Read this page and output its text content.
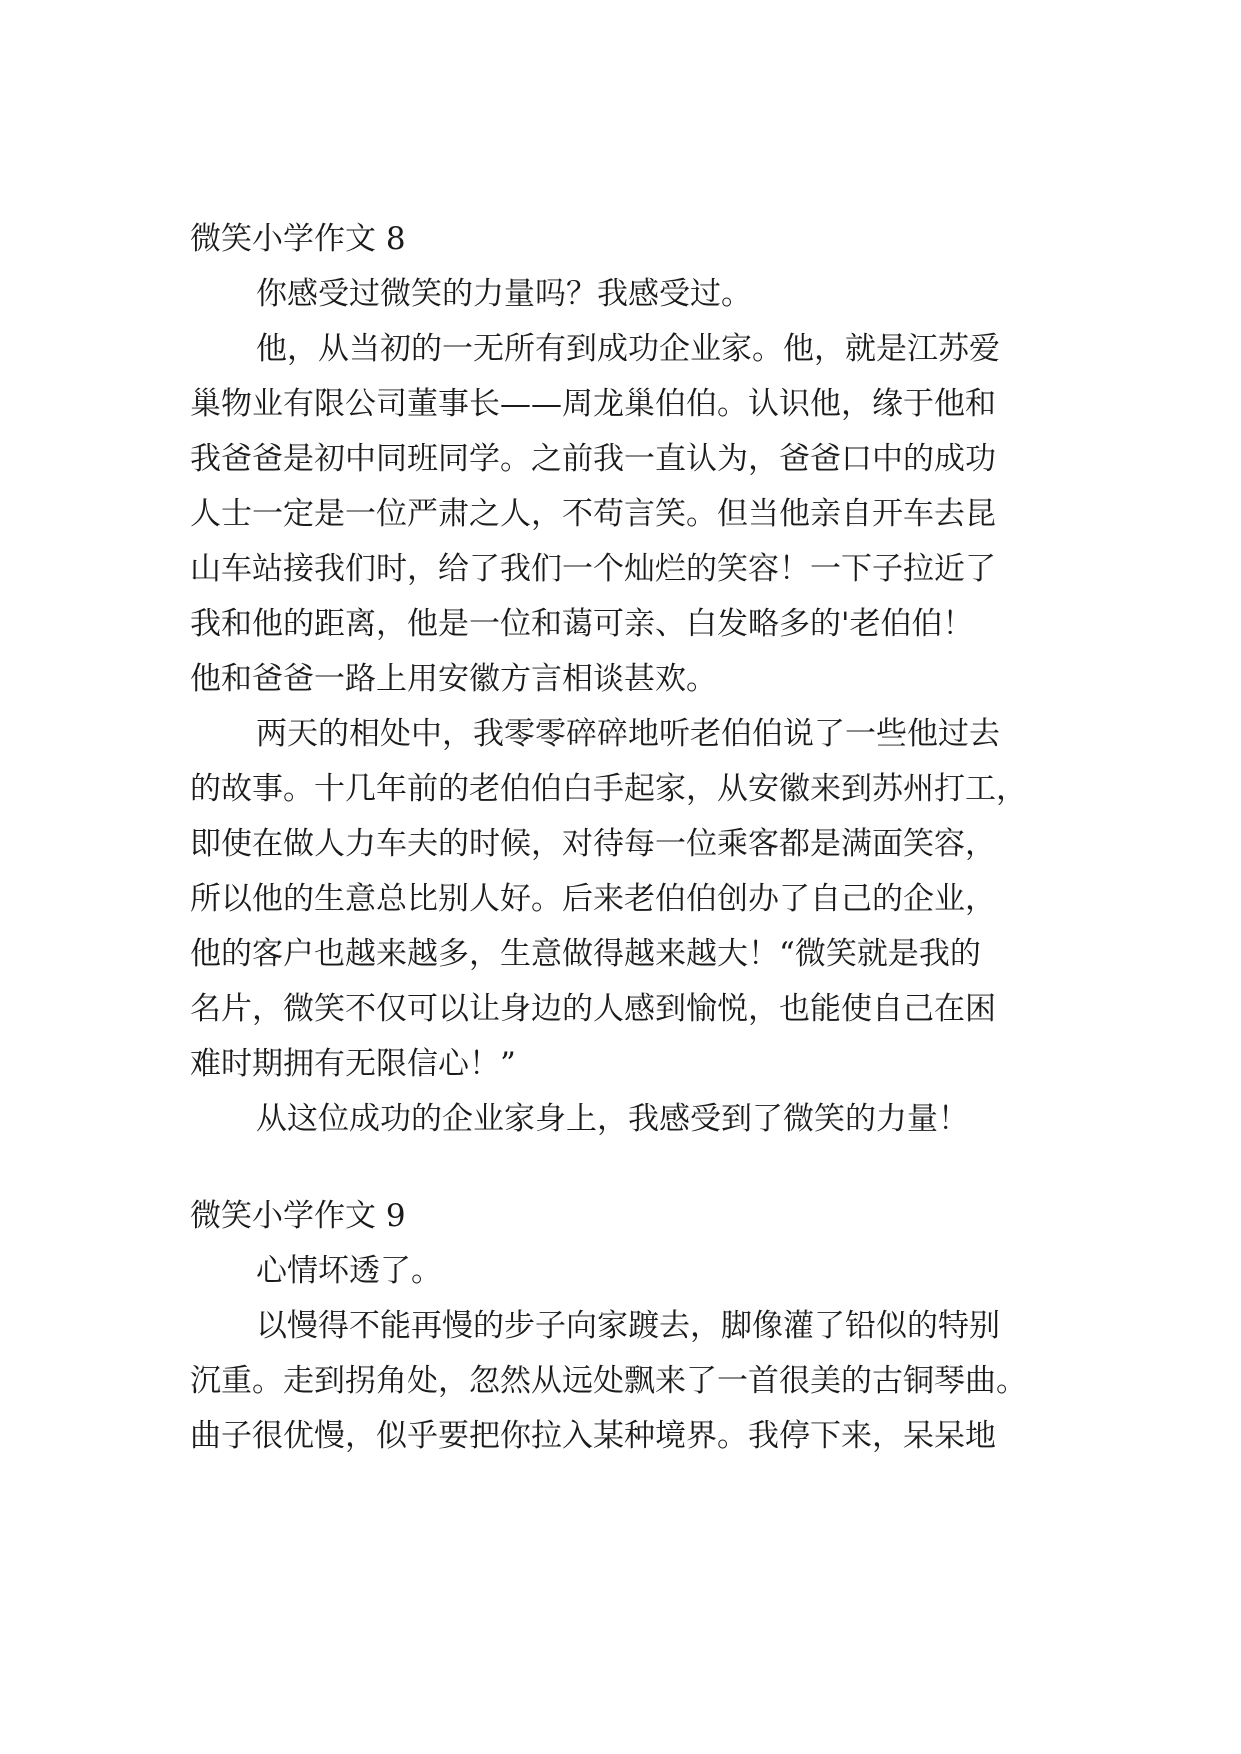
微笑小学作文 8
你感受过微笑的力量吗？我感受过。
他，从当初的一无所有到成功企业家。他，就是江苏爱
巢物业有限公司董事长——周龙巢伯伯。认识他，缘于他和
我爸爸是初中同班同学。之前我一直认为，爸爸口中的成功
人士一定是一位严肃之人，不苟言笑。但当他亲自开车去昆
山车站接我们时，给了我们一个灿烂的笑容！一下子拉近了
我和他的距离，他是一位和蔼可亲、白发略多的'老伯伯！
他和爸爸一路上用安徽方言相谈甚欢。
两天的相处中，我零零碎碎地听老伯伯说了一些他过去
的故事。十几年前的老伯伯白手起家，从安徽来到苏州打工，
即使在做人力车夫的时候，对待每一位乘客都是满面笑容，
所以他的生意总比别人好。后来老伯伯创办了自己的企业，
他的客户也越来越多，生意做得越来越大！“微笑就是我的
名片，微笑不仅可以让身边的人感到愉悦，也能使自己在困
难时期拥有无限信心！”
从这位成功的企业家身上，我感受到了微笑的力量！
微笑小学作文 9
心情坏透了。
以慢得不能再慢的步子向家踱去，脚像灌了铅似的特别
沉重。走到拐角处，忽然从远处飘来了一首很美的古铜琴曲。
曲子很优慢，似乎要把你拉入某种境界。我停下来，呆呆地
